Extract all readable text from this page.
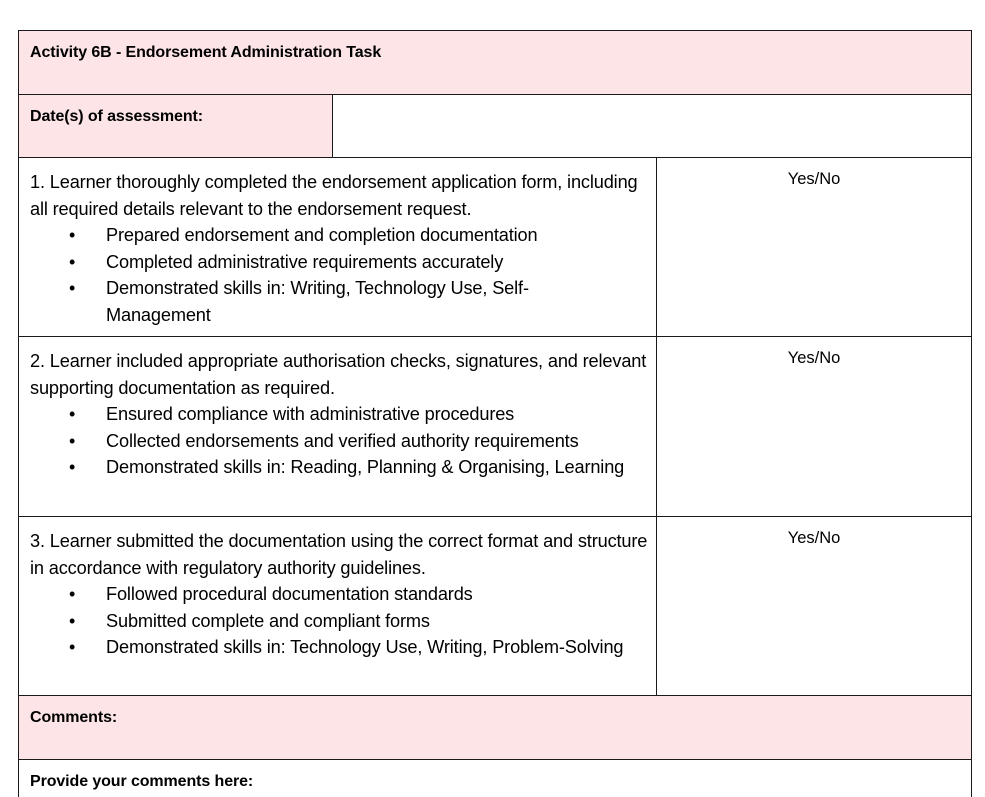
Activity 6B - Endorsement Administration Task
Date(s) of assessment:
1. Learner thoroughly completed the endorsement application form, including all required details relevant to the endorsement request.
• Prepared endorsement and completion documentation
• Completed administrative requirements accurately
• Demonstrated skills in: Writing, Technology Use, Self-Management
Yes/No
2. Learner included appropriate authorisation checks, signatures, and relevant supporting documentation as required.
• Ensured compliance with administrative procedures
• Collected endorsements and verified authority requirements
• Demonstrated skills in: Reading, Planning & Organising, Learning
Yes/No
3. Learner submitted the documentation using the correct format and structure in accordance with regulatory authority guidelines.
• Followed procedural documentation standards
• Submitted complete and compliant forms
• Demonstrated skills in: Technology Use, Writing, Problem-Solving
Yes/No
Comments:
Provide your comments here:
